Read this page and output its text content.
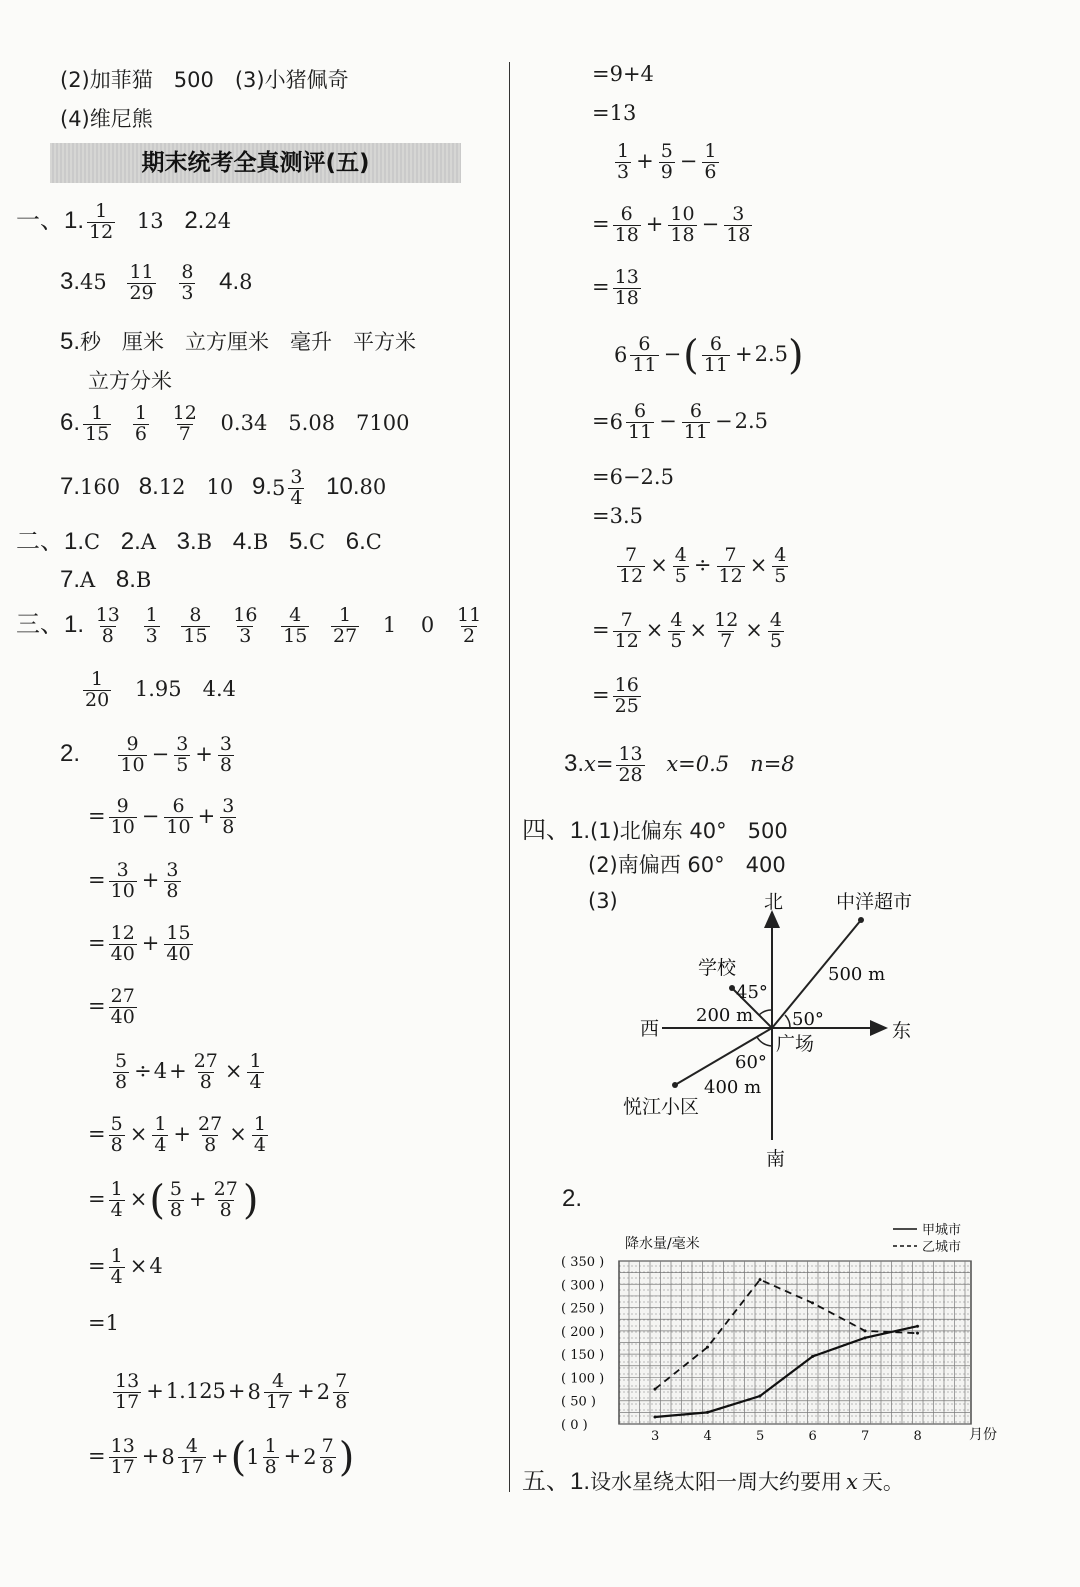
(2)加菲猫　500　(3)小猪佩奇
(4)维尼熊
期末统考全真测评(五)
一、1. $\frac{1}{12} 13$ 2.24
$3.45 \frac{11}{29}$
$\frac{8}{3} 4.8$
5.秒　厘米　立方厘米　毫升　平方米
立方分米
6. $\frac{1}{15}$
$\frac{1}{6}$
$\frac{12}{7} 0.34$　5.08　7100
7.160 8.12　10 9. $5 \frac{3}{4} 10.80$
二、1.C 2.A 3.B 4.B 5.C 6.C
7.A 8.B
三、1. $\frac{13}{8}$
$\frac{1}{3}$
$\frac{8}{15}$
$\frac{16}{3}$
$\frac{4}{15}$
$\frac{1}{27} 1$ $0 \frac{11}{2}$
$\frac{1}{20} 1.95$　4.4
2. $\frac{9}{10} - \frac{3}{5} + \frac{3}{8}$
= $\frac{9}{10} - \frac{6}{10} + \frac{3}{8}$
= $\frac{3}{10} + \frac{3}{8}$
= $\frac{12}{40} + \frac{15}{40}$
= $\frac{27}{40}$
$\frac{5}{8} \div 4+ \frac{27}{8} \times \frac{1}{4}$
= $\frac{5}{8} \times \frac{1}{4} + \frac{27}{8} \times \frac{1}{4}$
= $\frac{1}{4}$ ×( $\frac{5}{8} + \frac{27}{8}$ )
= $\frac{1}{4} \times 4$
=1
$\frac{13}{17} +1.125+ 8 \frac{4}{17} + 2 \frac{7}{8}$
= $\frac{13}{17} + 8 \frac{4}{17}$ +( $1 \frac{1}{8} + 2 \frac{7}{8}$ )
=9+4
=13
$\frac{1}{3} + \frac{5}{9} - \frac{1}{6}$
= $\frac{6}{18} + \frac{10}{18} - \frac{3}{18}$
= $\frac{13}{18}$
$6 \frac{6}{11}$ −( $\frac{6}{11} +2.5$)
= $6 \frac{6}{11} - \frac{6}{11} -2.5$
=6−2.5
=3.5
$\frac{7}{12} \times \frac{4}{5} \div \frac{7}{12} \times \frac{4}{5}$
= $\frac{7}{12} \times \frac{4}{5} \times \frac{12}{7} \times \frac{4}{5}$
= $\frac{16}{25}$
$3.x= \frac{13}{28} x=0.5$　n=8
四、1.(1)北偏东 40°　500
(2)南偏西 60°　400
(3)	北
南
东
西
中洋超市
学校
广场
悦江小区
500 m
200 m
400 m
45°
50°
60°
2.
( 350 )
( 300 )
( 250 )
( 200 )
( 150 )
( 100 )
( 50 )
( 0 )
3	4	5	6	7	8
降水量/毫米
月份
甲城市
乙城市
五、1.设水星绕太阳一周大约要用 x 天。
